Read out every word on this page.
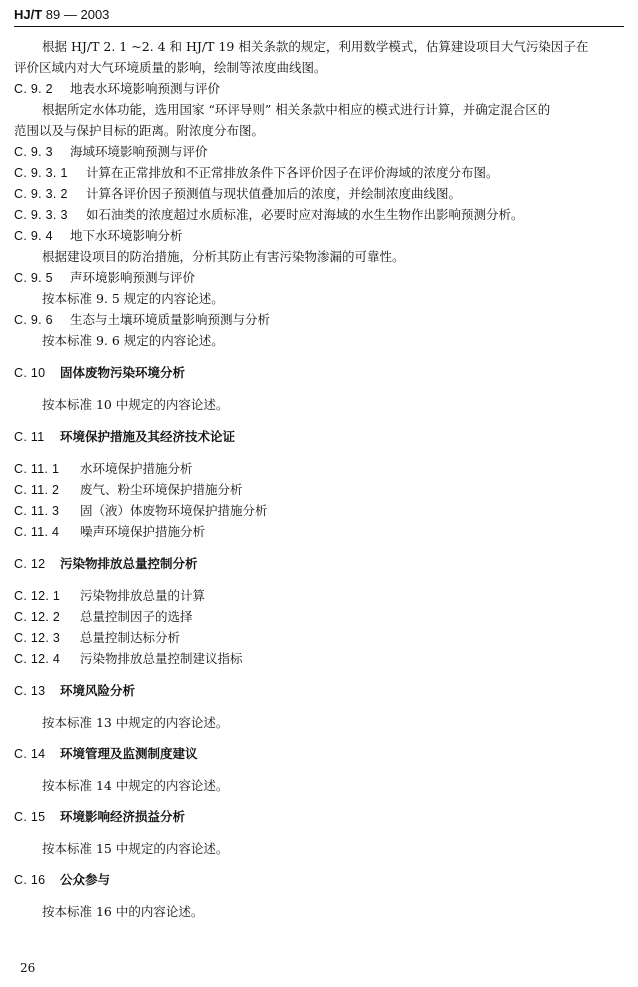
HJ/T 89 — 2003
根据 HJ/T 2. 1 ~2. 4 和 HJ/T 19 相关条款的规定，利用数学模式，估算建设项目大气污染因子在
评价区域内对大气环境质量的影响，绘制等浓度曲线图。
C. 9. 2 地表水环境影响预测与评价
根据所定水体功能，选用国家 “环评导则” 相关条款中相应的模式进行计算，并确定混合区的
范围以及与保护目标的距离。附浓度分布图。
C. 9. 3 海域环境影响预测与评价
C. 9. 3. 1 计算在正常排放和不正常排放条件下各评价因子在评价海域的浓度分布图。
C. 9. 3. 2 计算各评价因子预测值与现状值叠加后的浓度，并绘制浓度曲线图。
C. 9. 3. 3 如石油类的浓度超过水质标准，必要时应对海域的水生生物作出影响预测分析。
C. 9. 4 地下水环境影响分析
根据建设项目的防治措施，分析其防止有害污染物渗漏的可靠性。
C. 9. 5 声环境影响预测与评价
按本标准 9. 5 规定的内容论述。
C. 9. 6 生态与土壤环境质量影响预测与分析
按本标准 9. 6 规定的内容论述。
C. 10 固体废物污染环境分析
按本标准 10 中规定的内容论述。
C. 11 环境保护措施及其经济技术论证
C. 11. 1 水环境保护措施分析
C. 11. 2 废气、粉尘环境保护措施分析
C. 11. 3 固（液）体废物环境保护措施分析
C. 11. 4 噪声环境保护措施分析
C. 12 污染物排放总量控制分析
C. 12. 1 污染物排放总量的计算
C. 12. 2 总量控制因子的选择
C. 12. 3 总量控制达标分析
C. 12. 4 污染物排放总量控制建议指标
C. 13 环境风险分析
按本标准 13 中规定的内容论述。
C. 14 环境管理及监测制度建议
按本标准 14 中规定的内容论述。
C. 15 环境影响经济损益分析
按本标准 15 中规定的内容论述。
C. 16 公众参与
按本标准 16 中的内容论述。
26
